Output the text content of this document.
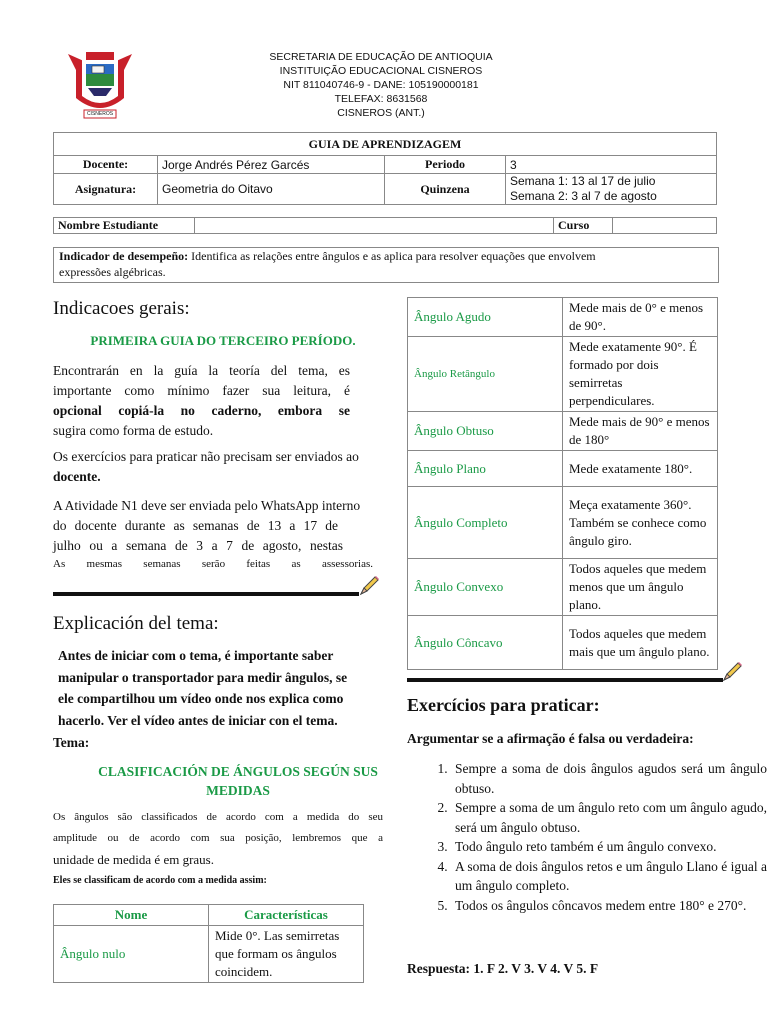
CISNEROS
SECRETARIA DE EDUCAÇÃO DE ANTIOQUIA
INSTITUIÇÃO EDUCACIONAL CISNEROS
NIT 811040746-9 - DANE: 105190000181
TELEFAX: 8631568
CISNEROS (ANT.)
GUIA DE APRENDIZAGEM			
Docente:	Jorge Andrés Pérez Garcés	Periodo	3
Asignatura:	Geometria do Oitavo	Quinzena	Semana 1: 13 al 17 de julio
Semana 2: 3 al 7 de agosto
Nombre Estudiante		Curso	
Indicador de desempeño: Identifica as relações entre ângulos e as aplica para resolver equações que envolvem
expressões algébricas.
Indicacoes gerais:
PRIMEIRA GUIA DO TERCEIRO PERÍODO.
Encontrarán en la guía la teoría del tema, es
importante como mínimo fazer sua leitura, é
opcional copiá-la no caderno, embora se
sugira como forma de estudo.
Os exercícios para praticar não precisam ser enviados ao
docente.
A Atividade N1 deve ser enviada pelo WhatsApp interno
do docente durante as semanas de 13 a 17 de
julho ou a semana de 3 a 7 de agosto, nestas
As mesmas semanas serão feitas as assessorias.
Explicación del tema:
Antes de iniciar com o tema, é importante saber
manipular o transportador para medir ângulos, se
ele compartilhou um vídeo onde nos explica como
hacerlo. Ver el vídeo antes de iniciar con el tema.
Tema:
CLASIFICACIÓN DE ÁNGULOS SEGÚN SUS
MEDIDAS
Os ângulos são classificados de acordo com a medida do seu
amplitude ou de acordo com sua posição, lembremos que a
unidade de medida é em graus.
Eles se classificam de acordo com a medida assim:
Nome	Características
Ângulo nulo	Mide 0°. Las semirretas que formam os ângulos coincidem.
Ângulo Agudo	Mede mais de 0° e menos de 90°.
Ângulo Retângulo	Mede exatamente 90°. É formado por dois semirretas perpendiculares.
Ângulo Obtuso	Mede mais de 90° e menos de 180°
Ângulo Plano	Mede exatamente 180°.
Ângulo Completo	Meça exatamente 360°. Também se conhece como ângulo giro.
Ângulo Convexo	Todos aqueles que medem menos que um ângulo plano.
Ângulo Côncavo	Todos aqueles que medem mais que um ângulo plano.
Exercícios para praticar:
Argumentar se a afirmação é falsa ou verdadeira:
1. Sempre a soma de dois ângulos agudos será um ângulo obtuso.
2. Sempre a soma de um ângulo reto com um ângulo agudo, será um ângulo obtuso.
3. Todo ângulo reto também é um ângulo convexo.
4. A soma de dois ângulos retos e um ângulo Llano é igual a um ângulo completo.
5. Todos os ângulos côncavos medem entre 180° e 270°.
Respuesta: 1. F 2. V 3. V 4. V 5. F
